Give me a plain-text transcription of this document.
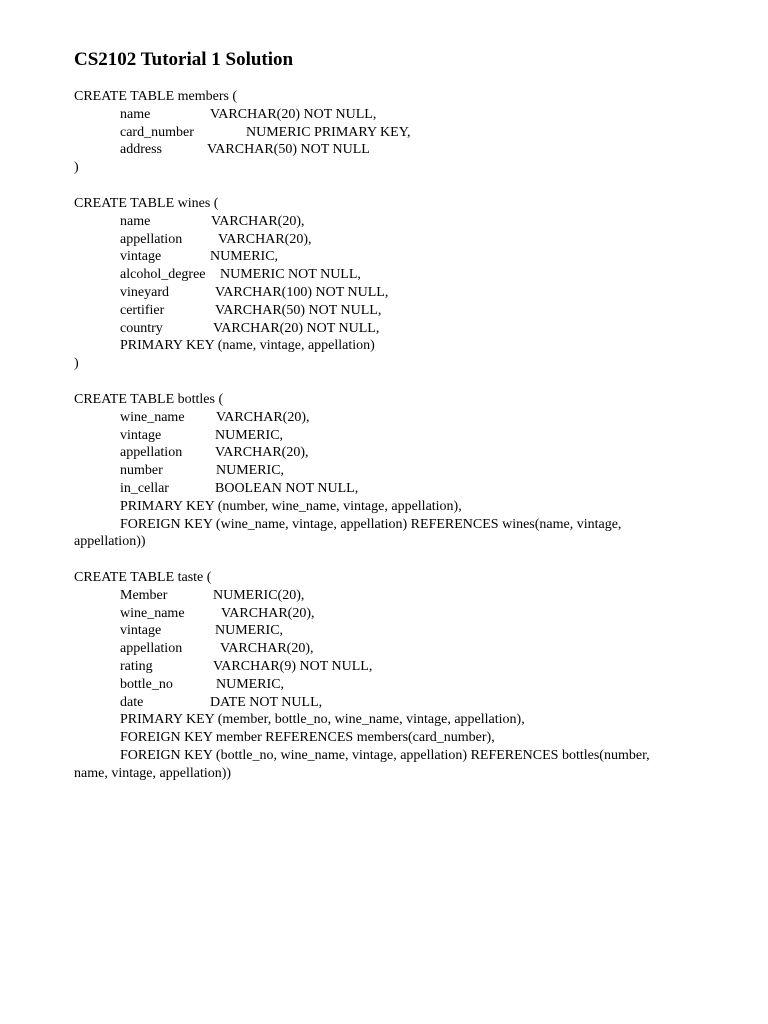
CS2102 Tutorial 1 Solution
CREATE TABLE members (
name	VARCHAR(20) NOT NULL,
card_number	NUMERIC PRIMARY KEY,
address	VARCHAR(50) NOT NULL
)
CREATE TABLE wines (
name	VARCHAR(20),
appellation	VARCHAR(20),
vintage	NUMERIC,
alcohol_degree NUMERIC NOT NULL,
vineyard	VARCHAR(100) NOT NULL,
certifier	VARCHAR(50) NOT NULL,
country	VARCHAR(20) NOT NULL,
PRIMARY KEY (name, vintage, appellation)
)
CREATE TABLE bottles (
wine_name VARCHAR(20),
vintage	NUMERIC,
appellation VARCHAR(20),
number	NUMERIC,
in_cellar	BOOLEAN NOT NULL,
PRIMARY KEY (number, wine_name, vintage, appellation),
FOREIGN KEY (wine_name, vintage, appellation) REFERENCES wines(name, vintage,
appellation))
CREATE TABLE taste (
Member	NUMERIC(20),
wine_name	VARCHAR(20),
vintage	NUMERIC,
appellation	VARCHAR(20),
rating	VARCHAR(9) NOT NULL,
bottle_no	NUMERIC,
date	DATE NOT NULL,
PRIMARY KEY (member, bottle_no, wine_name, vintage, appellation),
FOREIGN KEY member REFERENCES members(card_number),
FOREIGN KEY (bottle_no, wine_name, vintage, appellation) REFERENCES bottles(number,
name, vintage, appellation))
